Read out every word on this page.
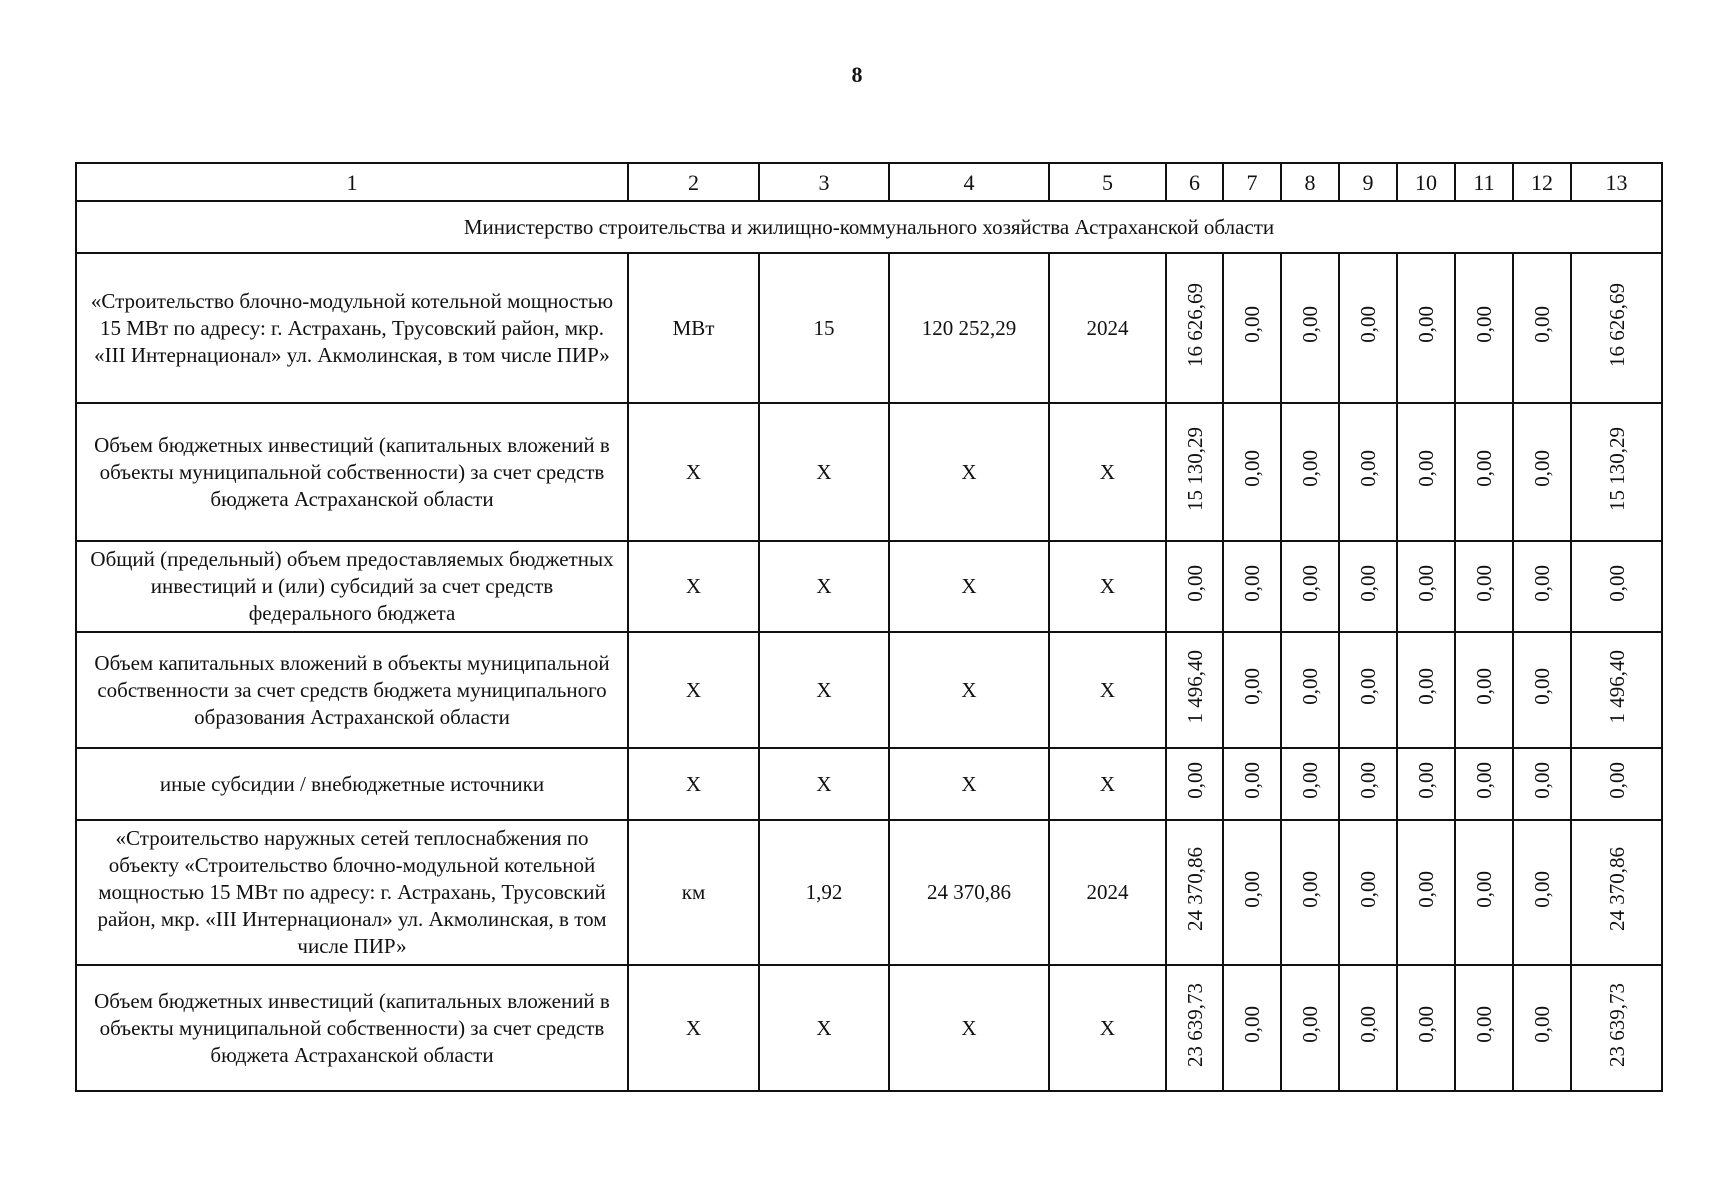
8
1	2	3	4	5	6	7	8	9	10	11	12	13
Министерство строительства и жилищно-коммунального хозяйства Астраханской области												
«Строительство блочно-модульной котельной мощностью 15 МВт по адресу: г. Астрахань, Трусовский район, мкр. «III Интернационал» ул. Акмолинская, в том числе ПИР»	МВт	15	120 252,29	2024	16 626,69	0,00	0,00	0,00	0,00	0,00	0,00	16 626,69
Объем бюджетных инвестиций (капитальных вложений в объекты муниципальной собственности) за счет средств бюджета Астраханской области	Х	Х	Х	Х	15 130,29	0,00	0,00	0,00	0,00	0,00	0,00	15 130,29
Общий (предельный) объем предоставляемых бюджетных инвестиций и (или) субсидий за счет средств федерального бюджета	Х	Х	Х	Х	0,00	0,00	0,00	0,00	0,00	0,00	0,00	0,00
Объем капитальных вложений в объекты муниципальной собственности за счет средств бюджета муниципального образования Астраханской области	Х	Х	Х	Х	1 496,40	0,00	0,00	0,00	0,00	0,00	0,00	1 496,40
иные субсидии / внебюджетные источники	Х	Х	Х	Х	0,00	0,00	0,00	0,00	0,00	0,00	0,00	0,00
«Строительство наружных сетей теплоснабжения по объекту «Строительство блочно-модульной котельной мощностью 15 МВт по адресу: г. Астрахань, Трусовский район, мкр. «III Интернационал» ул. Акмолинская, в том числе ПИР»	км	1,92	24 370,86	2024	24 370,86	0,00	0,00	0,00	0,00	0,00	0,00	24 370,86
Объем бюджетных инвестиций (капитальных вложений в объекты муниципальной собственности) за счет средств бюджета Астраханской области	Х	Х	Х	Х	23 639,73	0,00	0,00	0,00	0,00	0,00	0,00	23 639,73
